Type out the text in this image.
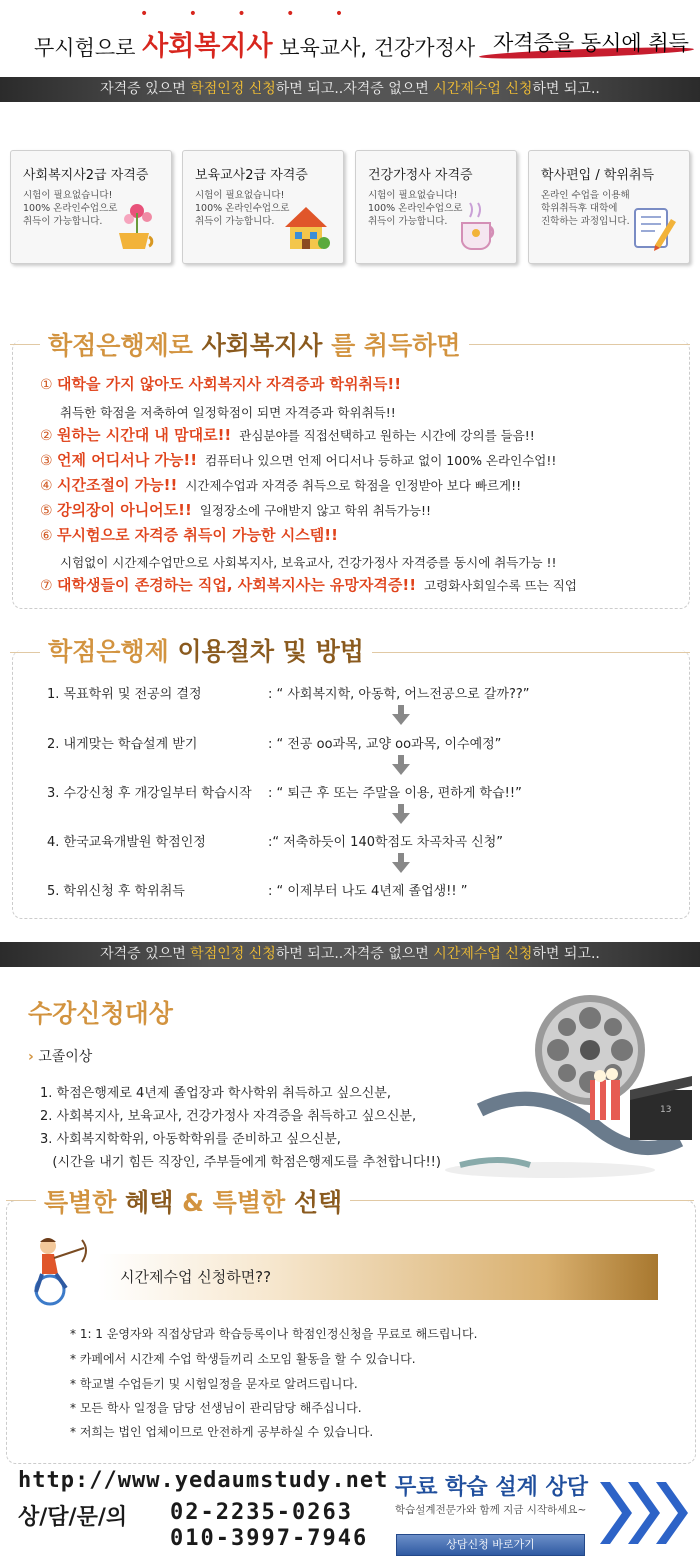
• • • • •
무시험으로 사회복지사 보육교사, 건강가정사 자격증을 동시에 취득
자격증 있으면 학점인정 신청하면 되고..자격증 없으면 시간제수업 신청하면 되고..
사회복지사2급 자격증
시험이 필요없습니다!
100% 온라인수업으로
취득이 가능합니다.
보육교사2급 자격증
시험이 필요없습니다!
100% 온라인수업으로
취득이 가능합니다.
건강가정사 자격증
시험이 필요없습니다!
100% 온라인수업으로
취득이 가능합니다.
학사편입 / 학위취득
온라인 수업을 이용해
학위취득후 대학에
진학하는 과정입니다.
학점은행제로 사회복지사 를 취득하면
① 대학을 가지 않아도 사회복지사 자격증과 학위취득!!
취득한 학점을 저축하여 일정학점이 되면 자격증과 학위취득!!
② 원하는 시간대 내 맘대로!! 관심분야를 직접선택하고 원하는 시간에 강의를 들음!!
③ 언제 어디서나 가능!! 컴퓨터나 있으면 언제 어디서나 등하교 없이 100% 온라인수업!!
④ 시간조절이 가능!! 시간제수업과 자격증 취득으로 학점을 인정받아 보다 빠르게!!
⑤ 강의장이 아니어도!! 일정장소에 구애받지 않고 학위 취득가능!!
⑥ 무시험으로 자격증 취득이 가능한 시스템!!
시험없이 시간제수업만으로 사회복지사, 보육교사, 건강가정사 자격증를 동시에 취득가능 !!
⑦ 대학생들이 존경하는 직업, 사회복지사는 유망자격증!! 고령화사회일수록 뜨는 직업
학점은행제 이용절차 및 방법
1. 목표학위 및 전공의 결정	: “ 사회복지학, 아동학, 어느전공으로 갈까??”
2. 내게맞는 학습설계 받기	: “ 전공 oo과목, 교양 oo과목, 이수예정”
3. 수강신청 후 개강일부터 학습시작 : “ 퇴근 후 또는 주말을 이용, 편하게 학습!!”
4. 한국교육개발원 학점인정	:“ 저축하듯이 140학점도 차곡차곡 신청”
5. 학위신청 후 학위취득	: “ 이제부터 나도 4년제 졸업생!! ”
자격증 있으면 학점인정 신청하면 되고..자격증 없으면 시간제수업 신청하면 되고..
수강신청대상
› 고졸이상
1. 학점은행제로 4년제 졸업장과 학사학위 취득하고 싶으신분,
2. 사회복지사, 보육교사, 건강가정사 자격증을 취득하고 싶으신분,
3. 사회복지학학위, 아동학학위를 준비하고 싶으신분,
(시간을 내기 힘든 직장인, 주부들에게 학점은행제도를 추천합니다!!)
13
특별한 혜택 & 특별한 선택
시간제수업 신청하면??
* 1: 1 운영자와 직접상담과 학습등록이나 학점인정신청을 무료로 해드립니다.
* 카페에서 시간제 수업 학생들끼리 소모임 활동을 할 수 있습니다.
* 학교별 수업듣기 및 시험일정을 문자로 알려드립니다.
* 모든 학사 일정을 담당 선생님이 관리담당 해주십니다.
* 저희는 법인 업체이므로 안전하게 공부하실 수 있습니다.
http://www.yedaumstudy.net
상/담/문/의 02-2235-0263
010-3997-7946
무료 학습 설계 상담
학습설계전문가와 함께 지금 시작하세요~
상담신청 바로가기
